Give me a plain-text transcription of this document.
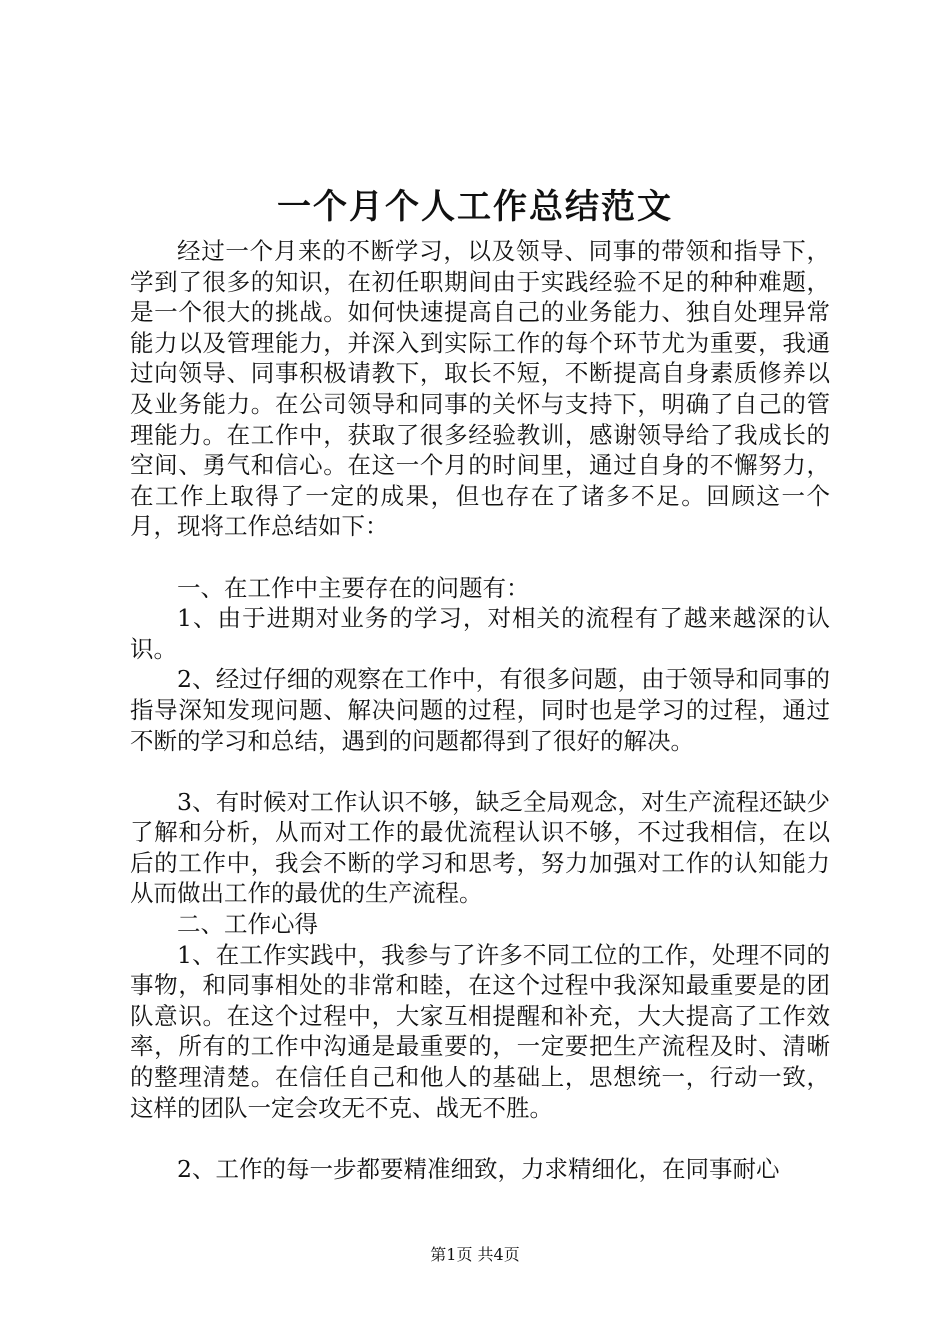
一个月个人工作总结范文

经过一个月来的不断学习，以及领导、同事的带领和指导下，学到了很多的知识，在初任职期间由于实践经验不足的种种难题，是一个很大的挑战。如何快速提高自己的业务能力、独自处理异常能力以及管理能力，并深入到实际工作的每个环节尤为重要，我通过向领导、同事积极请教下，取长不短，不断提高自身素质修养以及业务能力。在公司领导和同事的关怀与支持下，明确了自己的管理能力。在工作中，获取了很多经验教训，感谢领导给了我成长的空间、勇气和信心。在这一个月的时间里，通过自身的不懈努力，在工作上取得了一定的成果，但也存在了诸多不足。回顾这一个月，现将工作总结如下：

一、在工作中主要存在的问题有：

1、由于进期对业务的学习，对相关的流程有了越来越深的认识。

2、经过仔细的观察在工作中，有很多问题，由于领导和同事的指导深知发现问题、解决问题的过程，同时也是学习的过程，通过不断的学习和总结，遇到的问题都得到了很好的解决。

3、有时候对工作认识不够，缺乏全局观念，对生产流程还缺少了解和分析，从而对工作的最优流程认识不够，不过我相信，在以后的工作中，我会不断的学习和思考，努力加强对工作的认知能力从而做出工作的最优的生产流程。

二、工作心得

1、在工作实践中，我参与了许多不同工位的工作，处理不同的事物，和同事相处的非常和睦，在这个过程中我深知最重要是的团队意识。在这个过程中，大家互相提醒和补充，大大提高了工作效率，所有的工作中沟通是最重要的，一定要把生产流程及时、清晰的整理清楚。在信任自己和他人的基础上，思想统一，行动一致，这样的团队一定会攻无不克、战无不胜。

2、工作的每一步都要精准细致，力求精细化，在同事耐心

第1页 共4页
